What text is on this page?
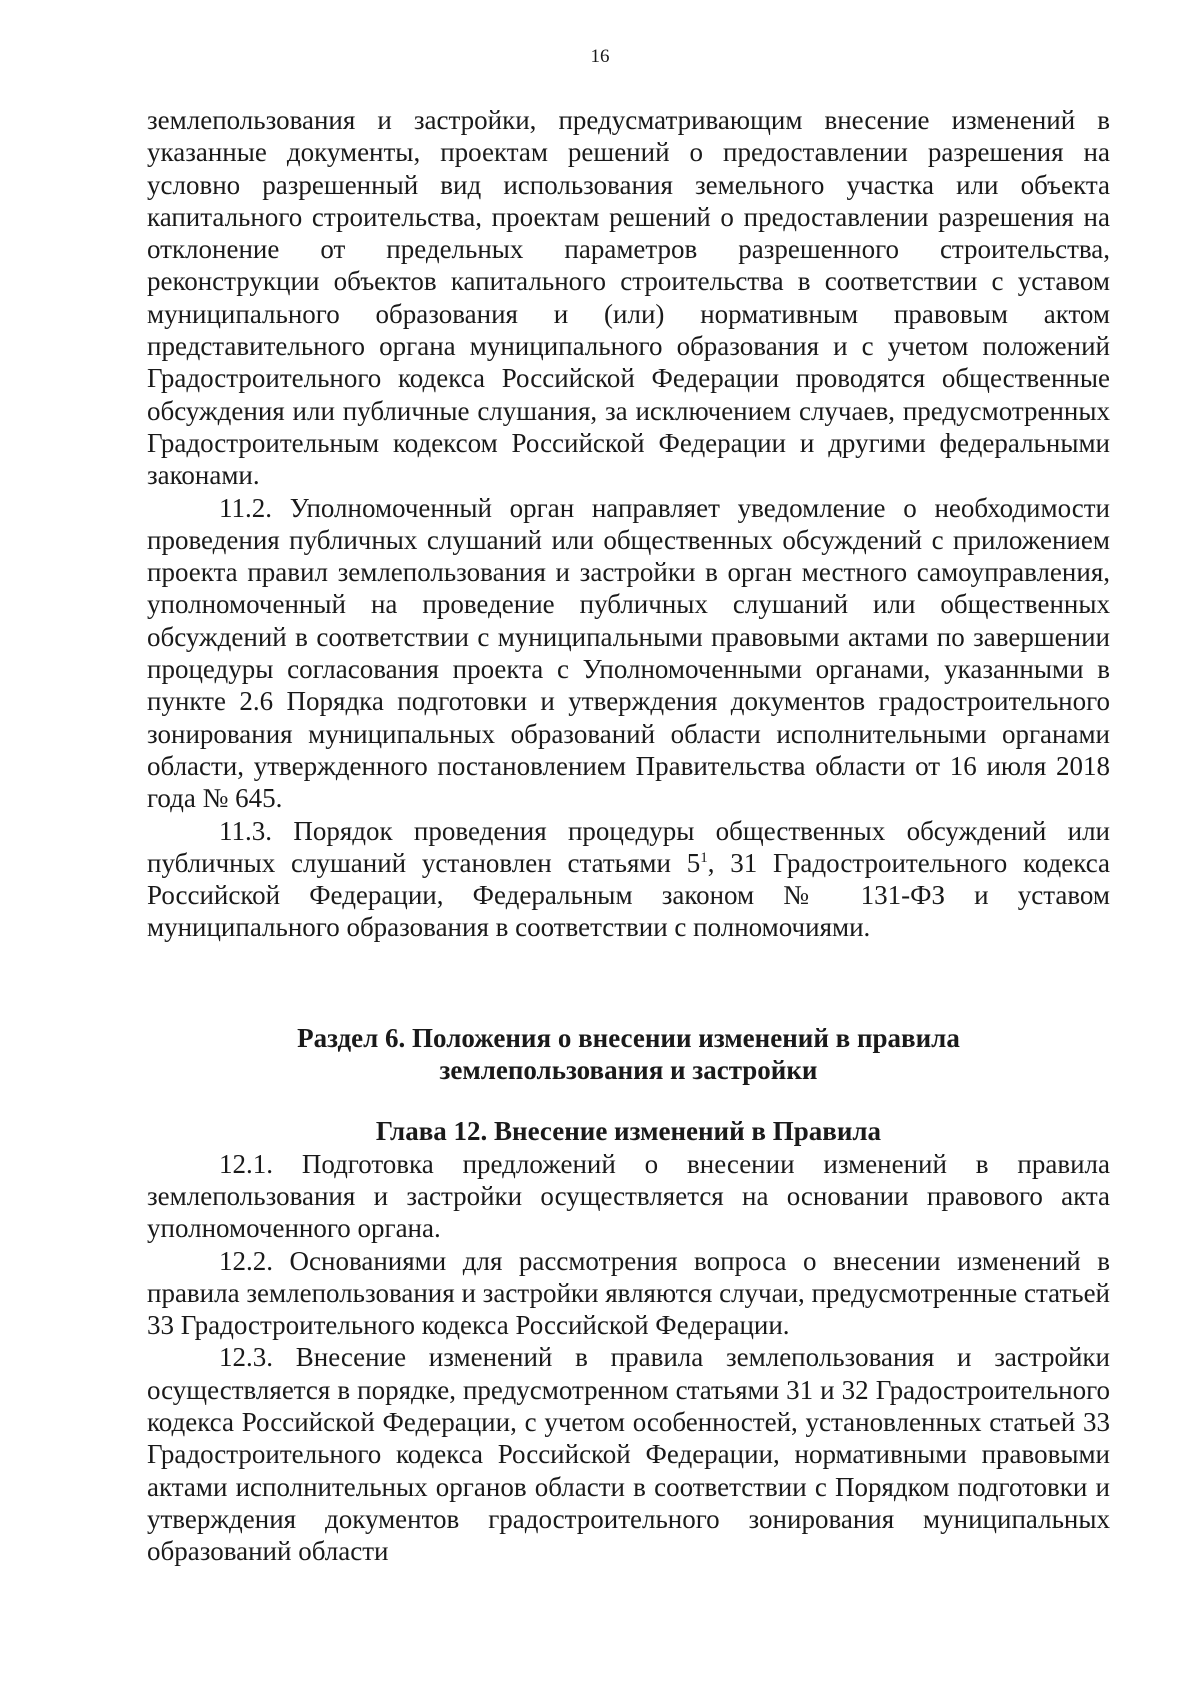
16

землепользования и застройки, предусматривающим внесение изменений в указанные документы, проектам решений о предоставлении разрешения на условно разрешенный вид использования земельного участка или объекта капитального строительства, проектам решений о предоставлении разрешения на отклонение от предельных параметров разрешенного строительства, реконструкции объектов капитального строительства в соответствии с уставом муниципального образования и (или) нормативным правовым актом представительного органа муниципального образования и с учетом положений Градостроительного кодекса Российской Федерации проводятся общественные обсуждения или публичные слушания, за исключением случаев, предусмотренных Градостроительным кодексом Российской Федерации и другими федеральными законами.

11.2. Уполномоченный орган направляет уведомление о необходимости проведения публичных слушаний или общественных обсуждений с приложением проекта правил землепользования и застройки в орган местного самоуправления, уполномоченный на проведение публичных слушаний или общественных обсуждений в соответствии с муниципальными правовыми актами по завершении процедуры согласования проекта с Уполномоченными органами, указанными в пункте 2.6 Порядка подготовки и утверждения документов градостроительного зонирования муниципальных образований области исполнительными органами области, утвержденного постановлением Правительства области от 16 июля 2018 года № 645.

11.3. Порядок проведения процедуры общественных обсуждений или публичных слушаний установлен статьями $5^1$, 31 Градостроительного кодекса Российской Федерации, Федеральным законом № 131-ФЗ и уставом муниципального образования в соответствии с полномочиями.

Раздел 6. Положения о внесении изменений в правила
землепользования и застройки
Глава 12. Внесение изменений в Правила

12.1. Подготовка предложений о внесении изменений в правила землепользования и застройки осуществляется на основании правового акта уполномоченного органа.

12.2. Основаниями для рассмотрения вопроса о внесении изменений в правила землепользования и застройки являются случаи, предусмотренные статьей 33 Градостроительного кодекса Российской Федерации.

12.3. Внесение изменений в правила землепользования и застройки осуществляется в порядке, предусмотренном статьями 31 и 32 Градостроительного кодекса Российской Федерации, с учетом особенностей, установленных статьей 33 Градостроительного кодекса Российской Федерации, нормативными правовыми актами исполнительных органов области в соответствии с Порядком подготовки и утверждения документов градостроительного зонирования муниципальных образований области
